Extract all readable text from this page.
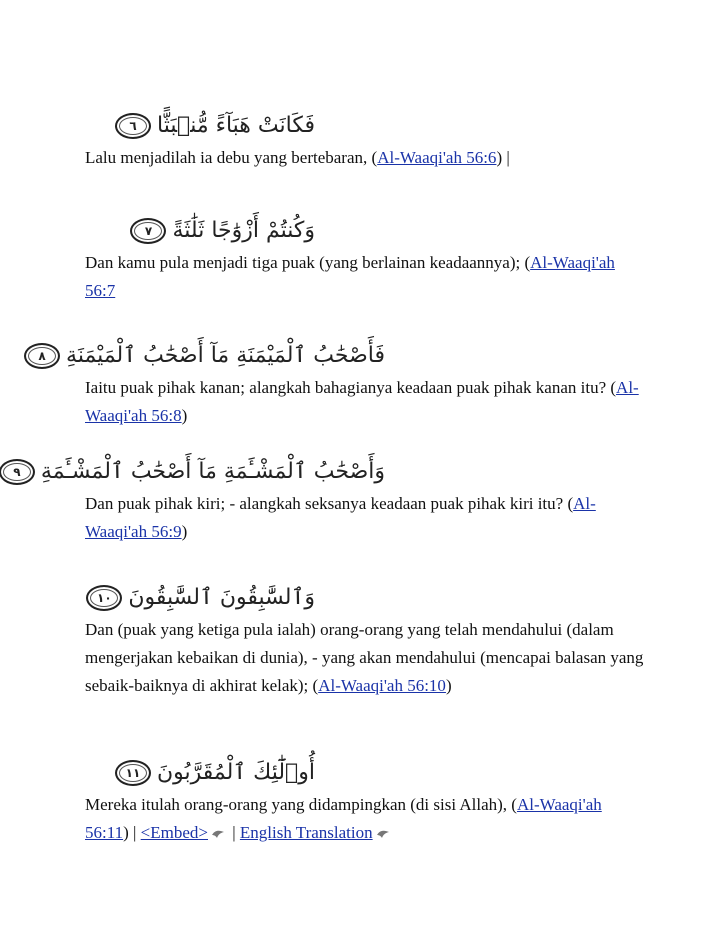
فَكَانَتْ هَبَآءً مُّنۢبَثًّا
٦

Lalu menjadilah ia debu yang bertebaran, (Al-Waaqi'ah 56:6) |

وَكُنتُمْ أَزْوَٰجًا ثَلَٰثَةً
٧

Dan kamu pula menjadi tiga puak (yang berlainan keadaannya); (Al-Waaqi'ah 56:7

فَأَصْحَٰبُ ٱلْمَيْمَنَةِ مَآ أَصْحَٰبُ ٱلْمَيْمَنَةِ
٨

Iaitu puak pihak kanan; alangkah bahagianya keadaan puak pihak kanan itu? (Al-Waaqi'ah 56:8)

وَأَصْحَٰبُ ٱلْمَشْـَٔمَةِ مَآ أَصْحَٰبُ ٱلْمَشْـَٔمَةِ
٩

Dan puak pihak kiri; - alangkah seksanya keadaan puak pihak kiri itu? (Al-Waaqi'ah 56:9)

وَٱلسَّٰبِقُونَ ٱلسَّٰبِقُونَ
١٠

Dan (puak yang ketiga pula ialah) orang-orang yang telah mendahului (dalam mengerjakan kebaikan di dunia), - yang akan mendahului (mencapai balasan yang sebaik-baiknya di akhirat kelak); (Al-Waaqi'ah 56:10)

أُو۟لَٰٓئِكَ ٱلْمُقَرَّبُونَ
١١

Mereka itulah orang-orang yang didampingkan (di sisi Allah), (Al-Waaqi'ah 56:11) | <Embed> | English Translation
